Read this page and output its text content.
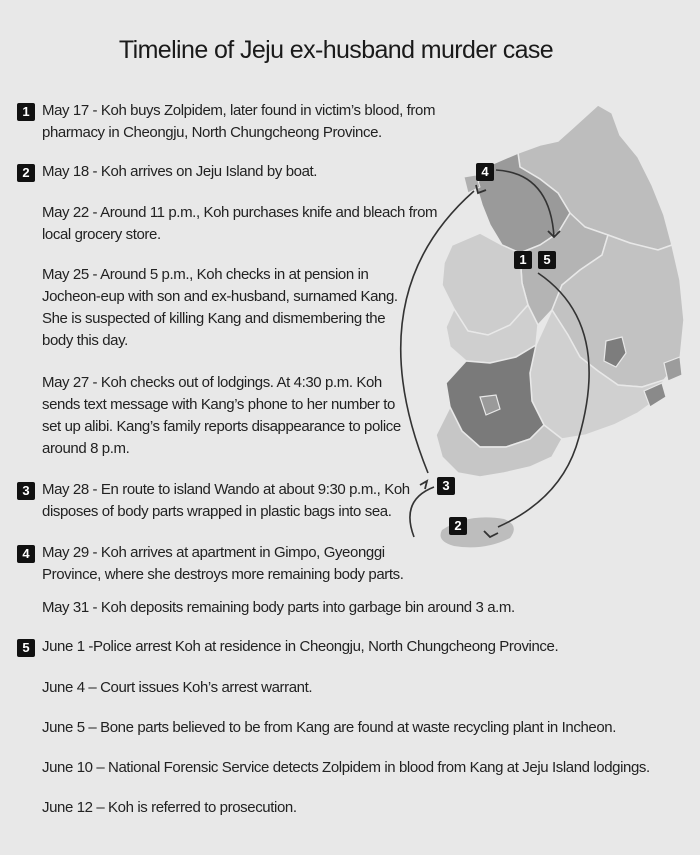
Timeline of Jeju ex-husband murder case
4
1	5
3
2
1 May 17 - Koh buys Zolpidem, later found in victim’s blood, from pharmacy in Cheongju, North Chungcheong Province.
2 May 18 - Koh arrives on Jeju Island by boat.
May 22 - Around 11 p.m., Koh purchases knife and bleach from local grocery store.
May 25 - Around 5 p.m., Koh checks in at pension in Jocheon-eup with son and ex-husband, surnamed Kang. She is suspected of killing Kang and dismembering the body this day.
May 27 - Koh checks out of lodgings. At 4:30 p.m. Koh sends text message with Kang’s phone to her number to set up alibi. Kang’s family reports disappearance to police around 8 p.m.
3 May 28 - En route to island Wando at about 9:30 p.m., Koh disposes of body parts wrapped in plastic bags into sea.
4 May 29 - Koh arrives at apartment in Gimpo, Gyeonggi Province, where she destroys more remaining body parts.
May 31 - Koh deposits remaining body parts into garbage bin around 3 a.m.
5 June 1 -Police arrest Koh at residence in Cheongju, North Chungcheong Province.
June 4 – Court issues Koh’s arrest warrant.
June 5 – Bone parts believed to be from Kang are found at waste recycling plant in Incheon.
June 10 – National Forensic Service detects Zolpidem in blood from Kang at Jeju Island lodgings.
June 12 – Koh is referred to prosecution.
